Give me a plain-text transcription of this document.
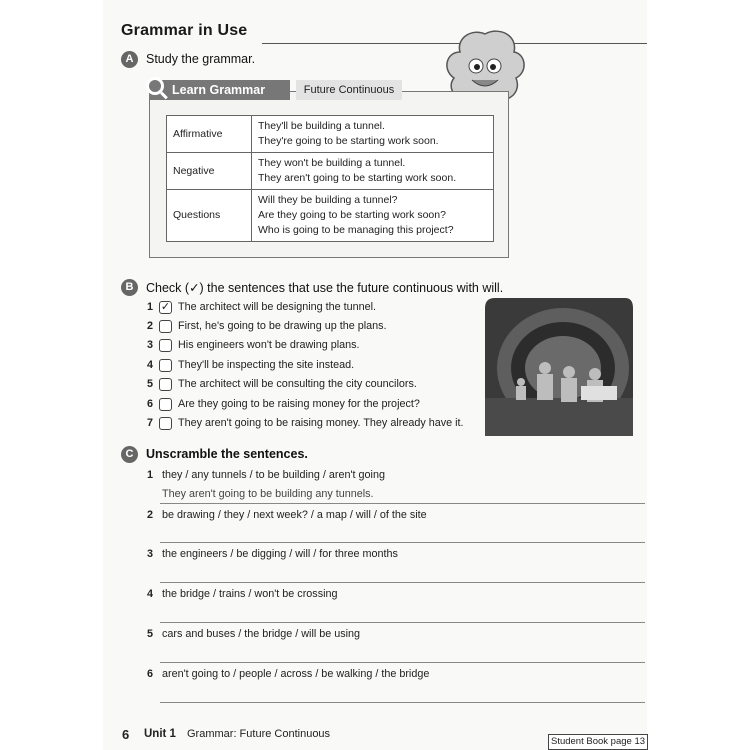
Grammar in Use
A	Study the grammar.
Learn Grammar	Future Continuous
Affirmative	They'll be building a tunnel.
They're going to be starting work soon.

Negative	They won't be building a tunnel.
They aren't going to be starting work soon.

Questions	Will they be building a tunnel?
Are they going to be starting work soon?
Who is going to be managing this project?
B	Check (✓) the sentences that use the future continuous with will.
1 ✓ The architect will be designing the tunnel.
2 First, he's going to be drawing up the plans.
3 His engineers won't be drawing plans.
4 They'll be inspecting the site instead.
5 The architect will be consulting the city councilors.
6 Are they going to be raising money for the project?
7 They aren't going to be raising money. They already have it.
C	Unscramble the sentences.
1 they / any tunnels / to be building / aren't going
They aren't going to be building any tunnels.
2 be drawing / they / next week? / a map / will / of the site
3 the engineers / be digging / will / for three months
4 the bridge / trains / won't be crossing
5 cars and buses / the bridge / will be using
6 aren't going to / people / across / be walking / the bridge
6 Unit 1 Grammar: Future Continuous
Student Book page 13
